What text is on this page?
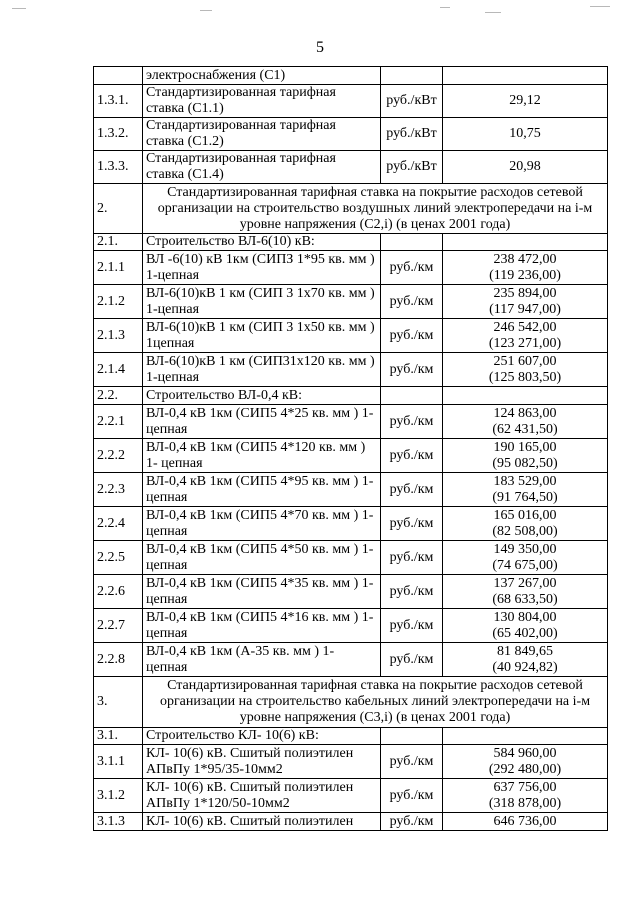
5
	электроснабжения (С1)		
1.3.1.	Стандартизированная тарифная ставка (С1.1)	руб./кВт	29,12

1.3.2.	Стандартизированная тарифная ставка (С1.2)	руб./кВт	10,75

1.3.3.	Стандартизированная тарифная ставка (С1.4)	руб./кВт	20,98

2.	Стандартизированная тарифная ставка на покрытие расходов сетевой организации на строительство воздушных линий электропередачи на i-м уровне напряжения (С2,i) (в ценах 2001 года)		
2.1.	Строительство ВЛ-6(10) кВ:		
2.1.1	ВЛ -6(10) кВ 1км (СИПЗ 1*95 кв. мм ) 1-цепная	руб./км	238 472,00
(119 236,00)

2.1.2	ВЛ-6(10)кВ 1 км (СИП 3 1х70 кв. мм ) 1-цепная	руб./км	235 894,00
(117 947,00)

2.1.3	ВЛ-6(10)кВ 1 км (СИП 3 1х50 кв. мм ) 1цепная	руб./км	246 542,00
(123 271,00)

2.1.4	ВЛ-6(10)кВ 1 км (СИП31х120 кв. мм ) 1-цепная	руб./км	251 607,00
(125 803,50)

2.2.	Строительство ВЛ-0,4 кВ:		
2.2.1	ВЛ-0,4 кВ 1км (СИП5 4*25 кв. мм ) 1- цепная	руб./км	124 863,00
(62 431,50)

2.2.2	ВЛ-0,4 кВ 1км (СИП5 4*120 кв. мм ) 1- цепная	руб./км	190 165,00
(95 082,50)

2.2.3	ВЛ-0,4 кВ 1км (СИП5 4*95 кв. мм ) 1- цепная	руб./км	183 529,00
(91 764,50)

2.2.4	ВЛ-0,4 кВ 1км (СИП5 4*70 кв. мм ) 1- цепная	руб./км	165 016,00
(82 508,00)

2.2.5	ВЛ-0,4 кВ 1км (СИП5 4*50 кв. мм ) 1- цепная	руб./км	149 350,00
(74 675,00)

2.2.6	ВЛ-0,4 кВ 1км (СИП5 4*35 кв. мм ) 1- цепная	руб./км	137 267,00
(68 633,50)

2.2.7	ВЛ-0,4 кВ 1км (СИП5 4*16 кв. мм ) 1- цепная	руб./км	130 804,00
(65 402,00)

2.2.8	ВЛ-0,4 кВ 1км (А-35 кв. мм ) 1- цепная	руб./км	81 849,65
(40 924,82)

3.	Стандартизированная тарифная ставка на покрытие расходов сетевой организации на строительство кабельных линий электропередачи на i-м уровне напряжения (С3,i) (в ценах 2001 года)		
3.1.	Строительство КЛ- 10(6) кВ:		
3.1.1	КЛ- 10(6) кВ. Сшитый полиэтилен АПвПу 1*95/35-10мм2	руб./км	584 960,00
(292 480,00)

3.1.2	КЛ- 10(6) кВ. Сшитый полиэтилен АПвПу 1*120/50-10мм2	руб./км	637 756,00
(318 878,00)

3.1.3	КЛ- 10(6) кВ. Сшитый полиэтилен	руб./км	646 736,00
